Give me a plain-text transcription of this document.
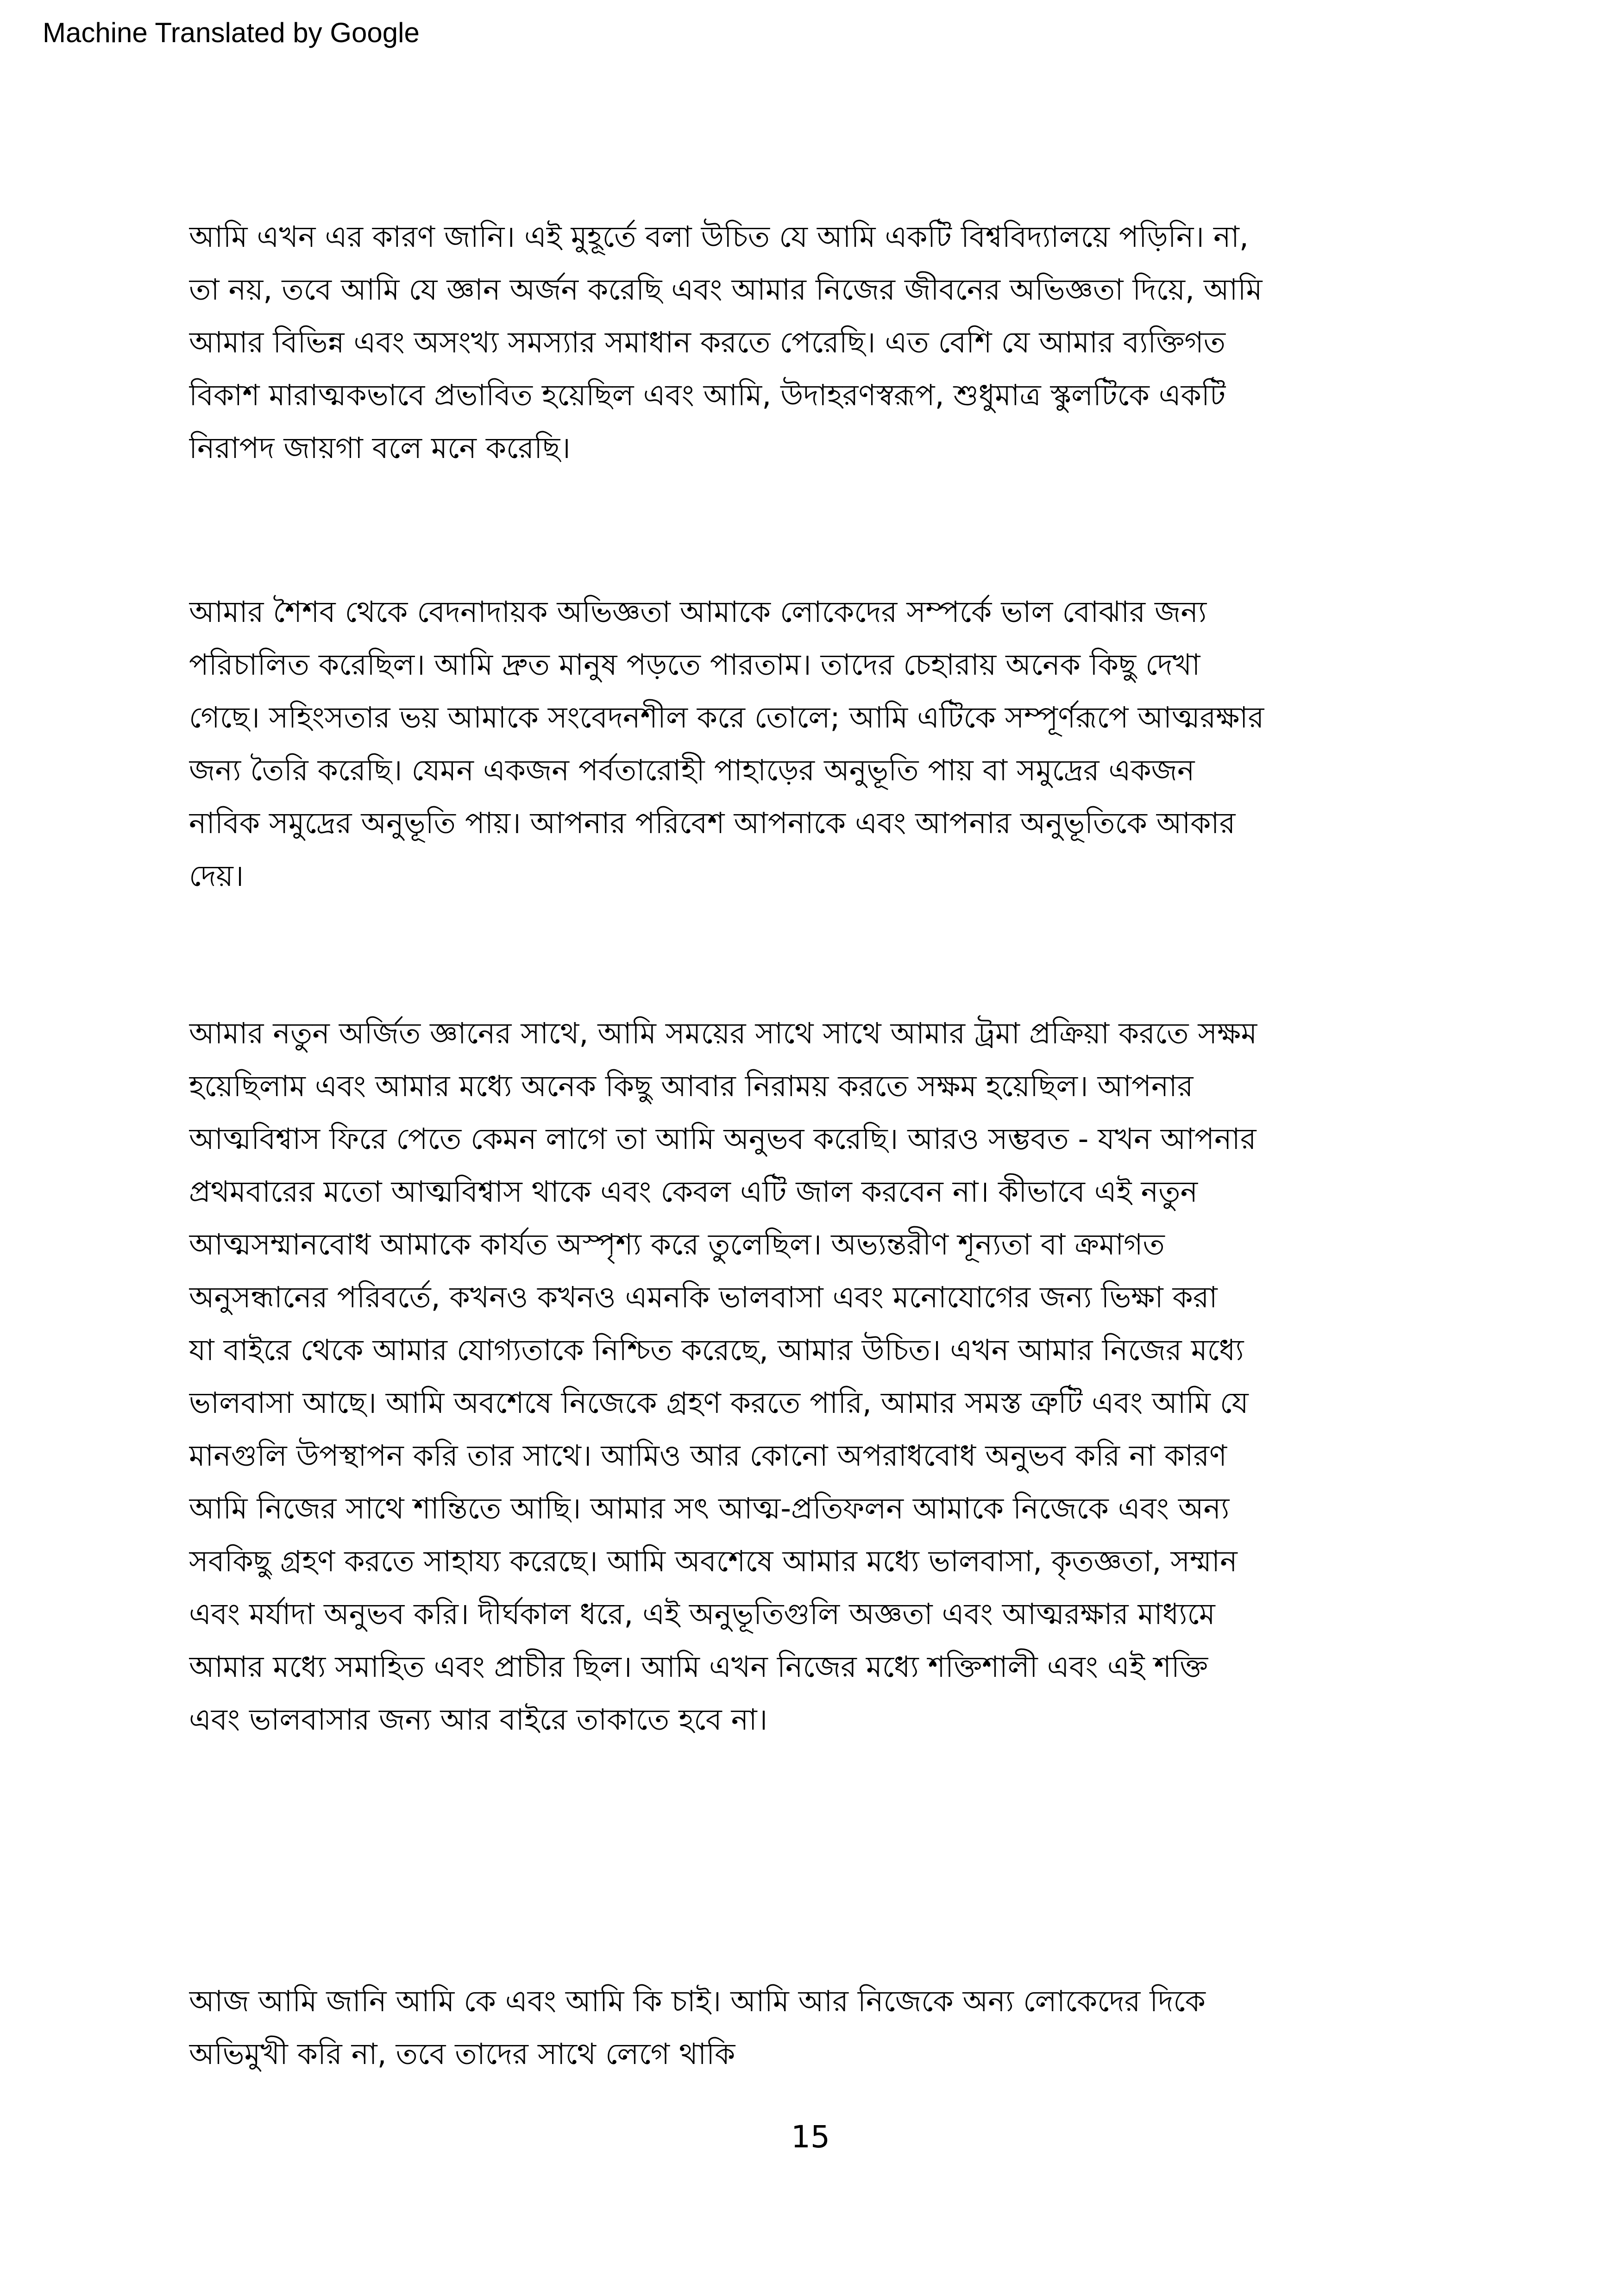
Machine Translated by Google
আমি এখন এর কারণ জানি। এই মুহূর্তে বলা উচিত যে আমি একটি বিশ্ববিদ্যালয়ে পড়িনি। না,
তা নয়, তবে আমি যে জ্ঞান অর্জন করেছি এবং আমার নিজের জীবনের অভিজ্ঞতা দিয়ে, আমি
আমার বিভিন্ন এবং অসংখ্য সমস্যার সমাধান করতে পেরেছি। এত বেশি যে আমার ব্যক্তিগত
বিকাশ মারাত্মকভাবে প্রভাবিত হয়েছিল এবং আমি, উদাহরণস্বরূপ, শুধুমাত্র স্কুলটিকে একটি
নিরাপদ জায়গা বলে মনে করেছি।
আমার শৈশব থেকে বেদনাদায়ক অভিজ্ঞতা আমাকে লোকেদের সম্পর্কে ভাল বোঝার জন্য
পরিচালিত করেছিল। আমি দ্রুত মানুষ পড়তে পারতাম। তাদের চেহারায় অনেক কিছু দেখা
গেছে। সহিংসতার ভয় আমাকে সংবেদনশীল করে তোলে; আমি এটিকে সম্পূর্ণরূপে আত্মরক্ষার
জন্য তৈরি করেছি। যেমন একজন পর্বতারোহী পাহাড়ের অনুভূতি পায় বা সমুদ্রের একজন
নাবিক সমুদ্রের অনুভূতি পায়। আপনার পরিবেশ আপনাকে এবং আপনার অনুভূতিকে আকার
দেয়।
আমার নতুন অর্জিত জ্ঞানের সাথে, আমি সময়ের সাথে সাথে আমার ট্রমা প্রক্রিয়া করতে সক্ষম
হয়েছিলাম এবং আমার মধ্যে অনেক কিছু আবার নিরাময় করতে সক্ষম হয়েছিল। আপনার
আত্মবিশ্বাস ফিরে পেতে কেমন লাগে তা আমি অনুভব করেছি। আরও সম্ভবত - যখন আপনার
প্রথমবারের মতো আত্মবিশ্বাস থাকে এবং কেবল এটি জাল করবেন না। কীভাবে এই নতুন
আত্মসম্মানবোধ আমাকে কার্যত অস্পৃশ্য করে তুলেছিল। অভ্যন্তরীণ শূন্যতা বা ক্রমাগত
অনুসন্ধানের পরিবর্তে, কখনও কখনও এমনকি ভালবাসা এবং মনোযোগের জন্য ভিক্ষা করা
যা বাইরে থেকে আমার যোগ্যতাকে নিশ্চিত করেছে, আমার উচিত। এখন আমার নিজের মধ্যে
ভালবাসা আছে। আমি অবশেষে নিজেকে গ্রহণ করতে পারি, আমার সমস্ত ত্রুটি এবং আমি যে
মানগুলি উপস্থাপন করি তার সাথে। আমিও আর কোনো অপরাধবোধ অনুভব করি না কারণ
আমি নিজের সাথে শান্তিতে আছি। আমার সৎ আত্ম-প্রতিফলন আমাকে নিজেকে এবং অন্য
সবকিছু গ্রহণ করতে সাহায্য করেছে। আমি অবশেষে আমার মধ্যে ভালবাসা, কৃতজ্ঞতা, সম্মান
এবং মর্যাদা অনুভব করি। দীর্ঘকাল ধরে, এই অনুভূতিগুলি অজ্ঞতা এবং আত্মরক্ষার মাধ্যমে
আমার মধ্যে সমাহিত এবং প্রাচীর ছিল। আমি এখন নিজের মধ্যে শক্তিশালী এবং এই শক্তি
এবং ভালবাসার জন্য আর বাইরে তাকাতে হবে না।
আজ আমি জানি আমি কে এবং আমি কি চাই। আমি আর নিজেকে অন্য লোকেদের দিকে
অভিমুখী করি না, তবে তাদের সাথে লেগে থাকি
15
